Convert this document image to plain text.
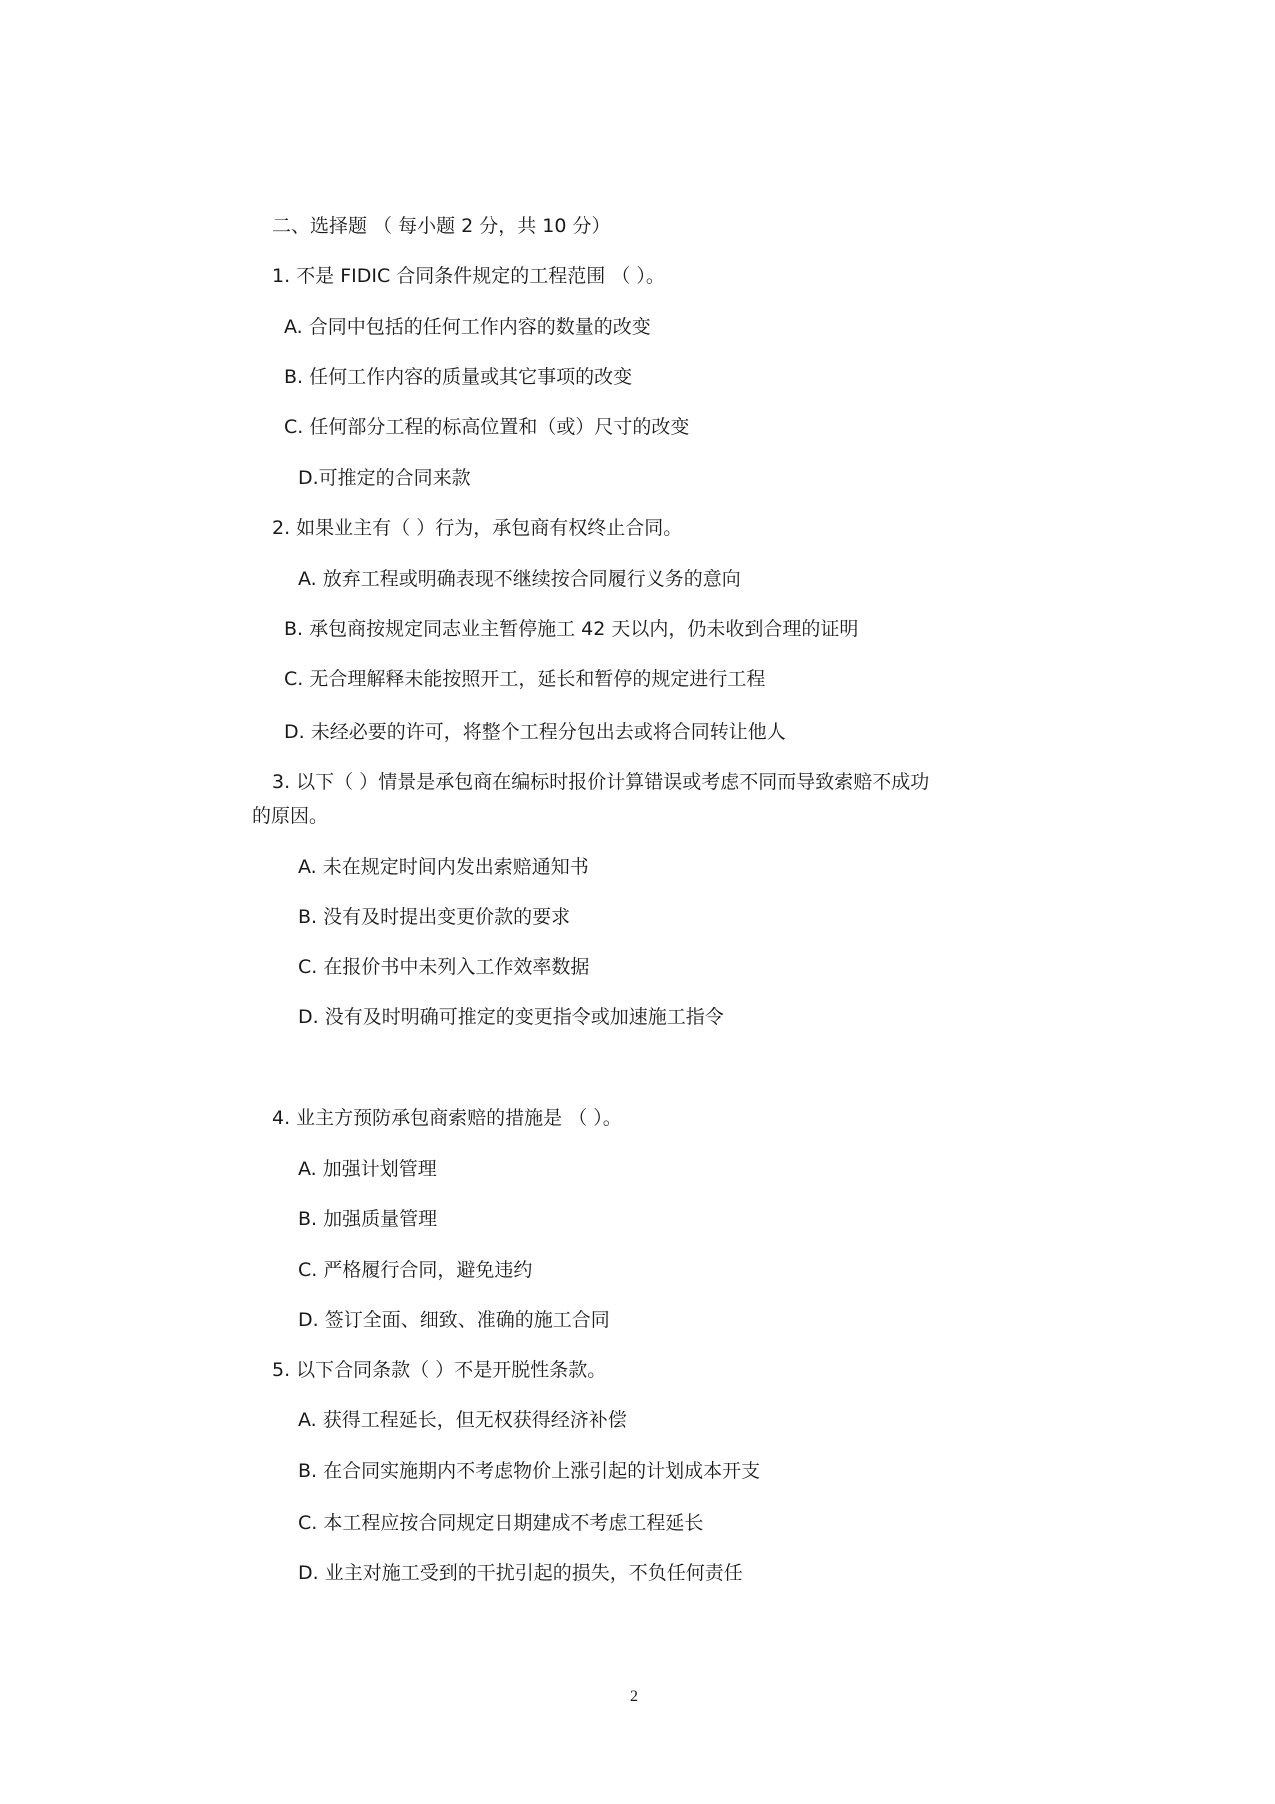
二、选择题 （ 每小题 2 分，共 10 分）
1. 不是 FIDIC 合同条件规定的工程范围 （ ）。
A. 合同中包括的任何工作内容的数量的改变
B. 任何工作内容的质量或其它事项的改变
C. 任何部分工程的标高位置和（或）尺寸的改变
D.可推定的合同来款
2. 如果业主有（ ）行为，承包商有权终止合同。
A. 放弃工程或明确表现不继续按合同履行义务的意向
B. 承包商按规定同志业主暂停施工 42 天以内，仍未收到合理的证明
C. 无合理解释未能按照开工，延长和暂停的规定进行工程
D. 未经必要的许可，将整个工程分包出去或将合同转让他人
3. 以下（ ）情景是承包商在编标时报价计算错误或考虑不同而导致索赔不成功
的原因。
A. 未在规定时间内发出索赔通知书
B. 没有及时提出变更价款的要求
C. 在报价书中未列入工作效率数据
D. 没有及时明确可推定的变更指令或加速施工指令
4. 业主方预防承包商索赔的措施是 （ ）。
A. 加强计划管理
B. 加强质量管理
C. 严格履行合同，避免违约
D. 签订全面、细致、准确的施工合同
5. 以下合同条款（ ）不是开脱性条款。
A. 获得工程延长，但无权获得经济补偿
B. 在合同实施期内不考虑物价上涨引起的计划成本开支
C. 本工程应按合同规定日期建成不考虑工程延长
D. 业主对施工受到的干扰引起的损失，不负任何责任
2
